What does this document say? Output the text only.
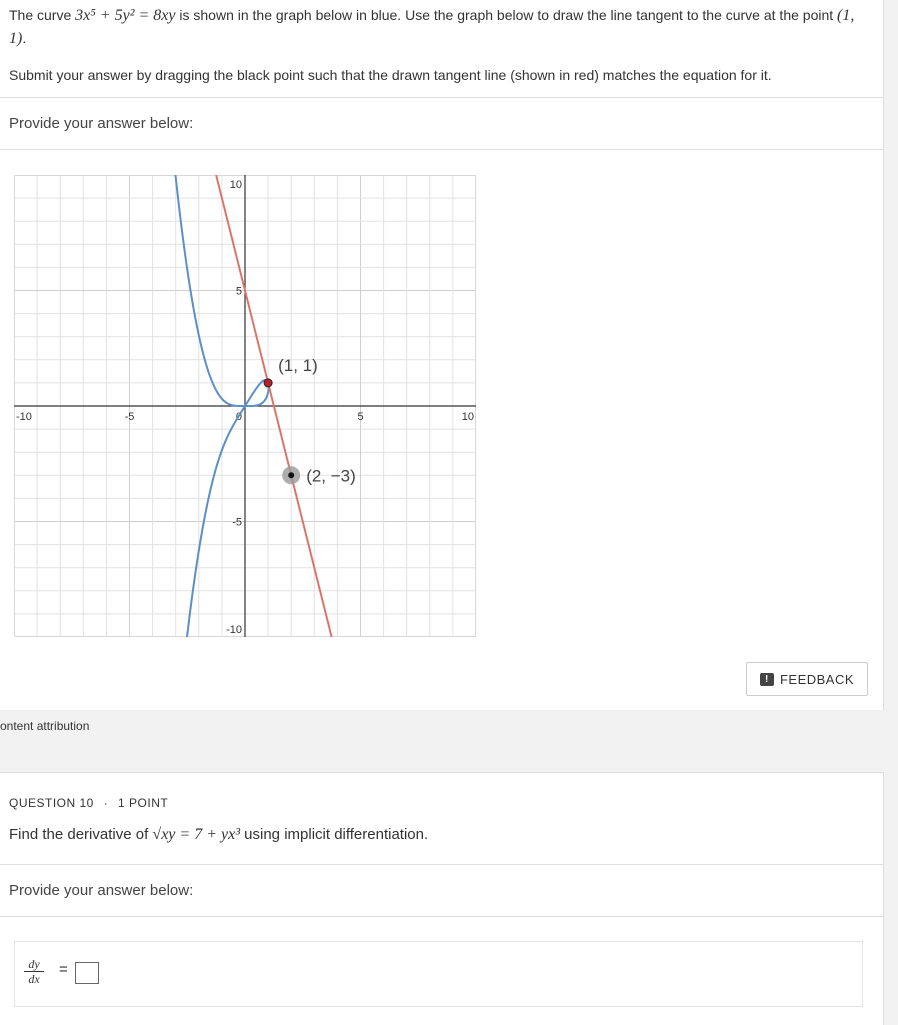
The curve 3x⁵ + 5y² = 8xy is shown in the graph below in blue. Use the graph below to draw the line tangent to the curve at the point (1, 1).

Submit your answer by dragging the black point such that the drawn tangent line (shown in red) matches the equation for it.

Provide your answer below:
-10	-5	0	5	10
10
5
-5
-10
(1, 1)
(2, −3)
! FEEDBACK
ontent attribution
QUESTION 10 · 1 POINT
Find the derivative of √xy = 7 + yx³ using implicit differentiation.
Provide your answer below:
$\frac{dy}{dx}$ =
